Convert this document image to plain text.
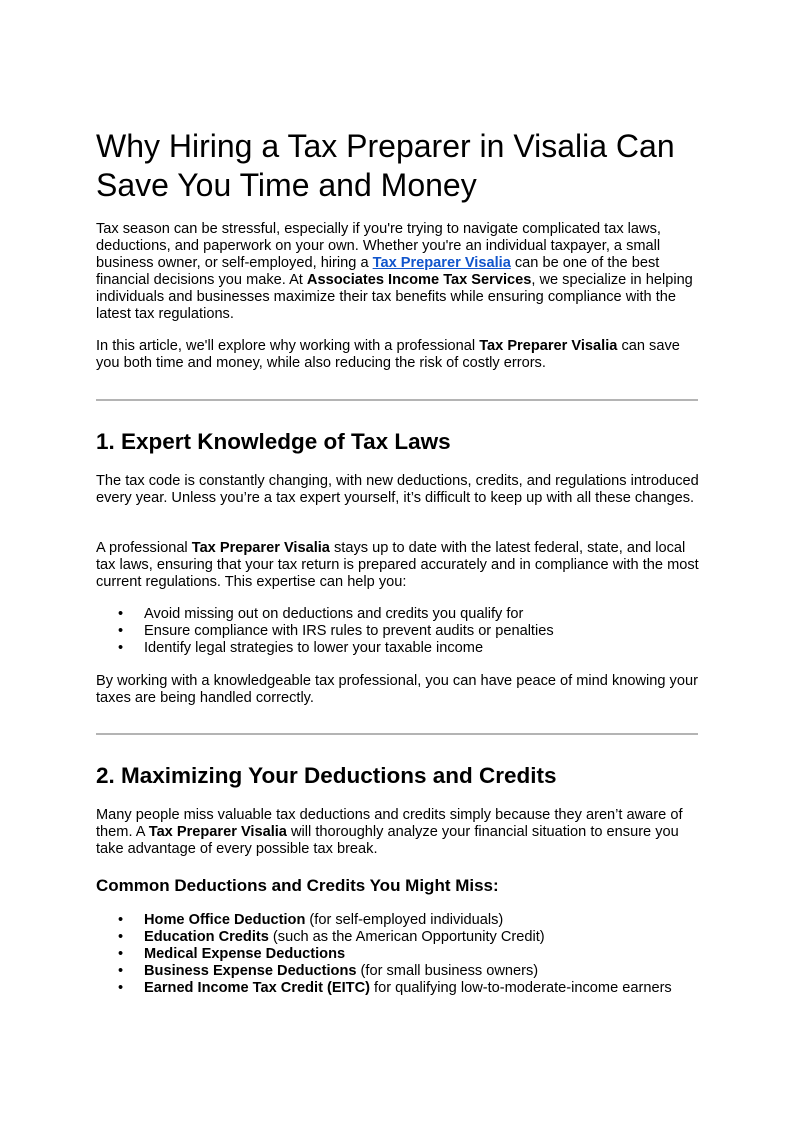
Why Hiring a Tax Preparer in Visalia Can Save You Time and Money

Tax season can be stressful, especially if you're trying to navigate complicated tax laws, deductions, and paperwork on your own. Whether you're an individual taxpayer, a small business owner, or self-employed, hiring a Tax Preparer Visalia can be one of the best financial decisions you make. At Associates Income Tax Services, we specialize in helping individuals and businesses maximize their tax benefits while ensuring compliance with the latest tax regulations.

In this article, we'll explore why working with a professional Tax Preparer Visalia can save you both time and money, while also reducing the risk of costly errors.

1. Expert Knowledge of Tax Laws

The tax code is constantly changing, with new deductions, credits, and regulations introduced every year. Unless you’re a tax expert yourself, it’s difficult to keep up with all these changes.

A professional Tax Preparer Visalia stays up to date with the latest federal, state, and local tax laws, ensuring that your tax return is prepared accurately and in compliance with the most current regulations. This expertise can help you:

• Avoid missing out on deductions and credits you qualify for
• Ensure compliance with IRS rules to prevent audits or penalties
• Identify legal strategies to lower your taxable income

By working with a knowledgeable tax professional, you can have peace of mind knowing your taxes are being handled correctly.

2. Maximizing Your Deductions and Credits

Many people miss valuable tax deductions and credits simply because they aren’t aware of them. A Tax Preparer Visalia will thoroughly analyze your financial situation to ensure you take advantage of every possible tax break.

Common Deductions and Credits You Might Miss:
• Home Office Deduction (for self-employed individuals)
• Education Credits (such as the American Opportunity Credit)
• Medical Expense Deductions
• Business Expense Deductions (for small business owners)
• Earned Income Tax Credit (EITC) for qualifying low-to-moderate-income earners
